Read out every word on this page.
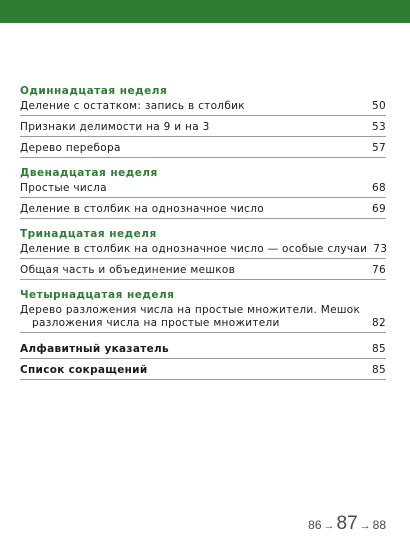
Одиннадцатая неделя
Деление с остатком: запись в столбик	50
Признаки делимости на 9 и на 3	53
Дерево перебора	57
Двенадцатая неделя
Простые числа	68
Деление в столбик на однозначное число	69
Тринадцатая неделя
Деление в столбик на однозначное число — особые случаи 73
Общая часть и объединение мешков	76
Четырнадцатая неделя
Дерево разложения числа на простые множители. Мешок
разложения числа на простые множители	82
Алфавитный указатель	85
Список сокращений	85
86 → 87 → 88
